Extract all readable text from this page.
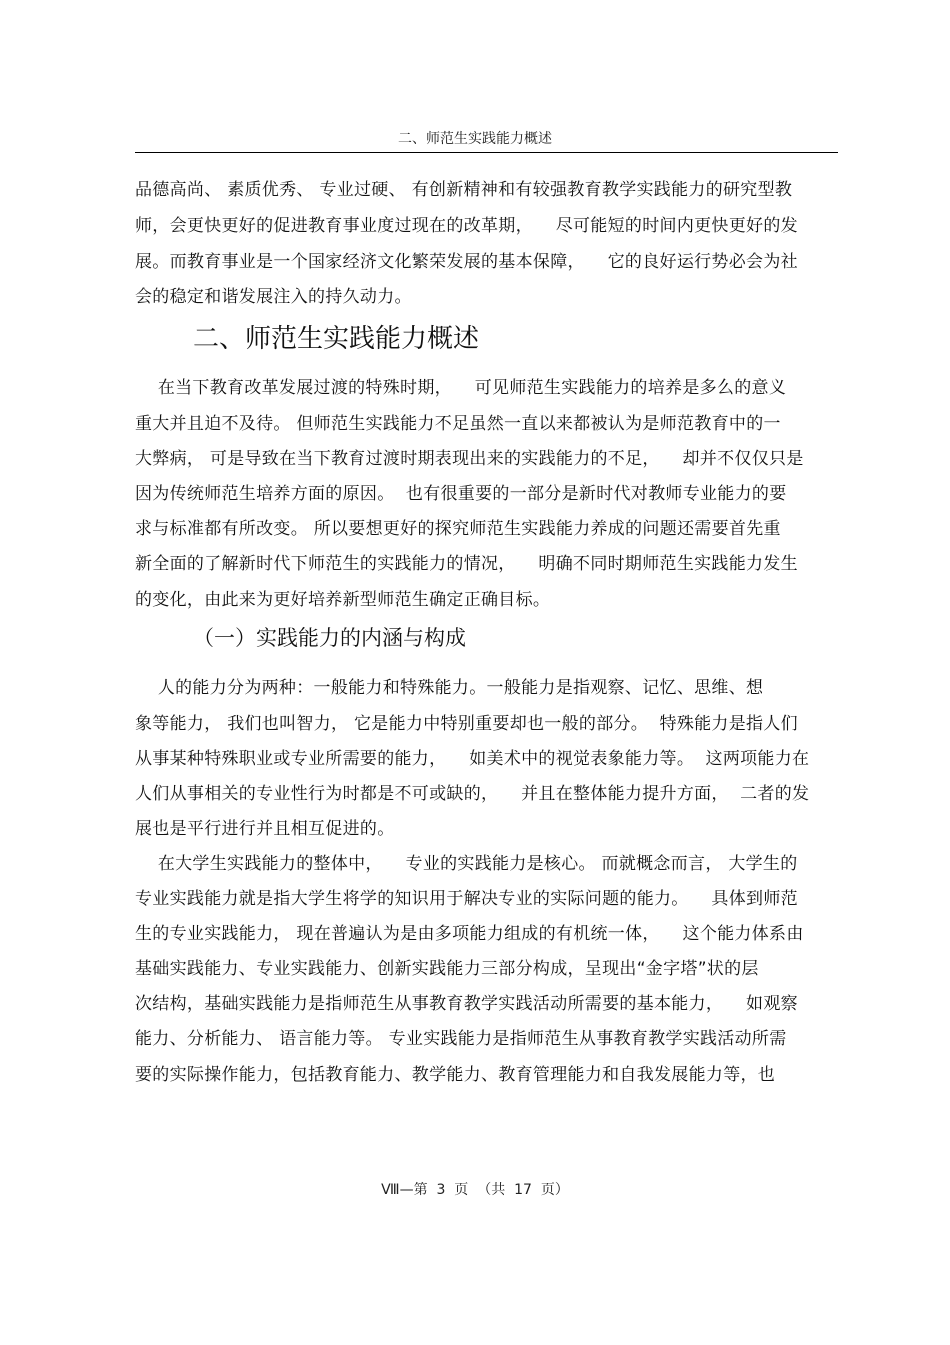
二、师范生实践能力概述
品德高尚、 素质优秀、 专业过硬、 有创新精神和有较强教育教学实践能力的研究型教
师，会更快更好的促进教育事业度过现在的改革期，    尽可能短的时间内更快更好的发
展。而教育事业是一个国家经济文化繁荣发展的基本保障，    它的良好运行势必会为社
会的稳定和谐发展注入的持久动力。
二、师范生实践能力概述
在当下教育改革发展过渡的特殊时期，    可见师范生实践能力的培养是多么的意义
重大并且迫不及待。 但师范生实践能力不足虽然一直以来都被认为是师范教育中的一
大弊病， 可是导致在当下教育过渡时期表现出来的实践能力的不足，    却并不仅仅只是
因为传统师范生培养方面的原因。  也有很重要的一部分是新时代对教师专业能力的要
求与标准都有所改变。 所以要想更好的探究师范生实践能力养成的问题还需要首先重
新全面的了解新时代下师范生的实践能力的情况，    明确不同时期师范生实践能力发生
的变化，由此来为更好培养新型师范生确定正确目标。
（一）实践能力的内涵与构成
人的能力分为两种：一般能力和特殊能力。一般能力是指观察、记忆、思维、想
象等能力， 我们也叫智力， 它是能力中特别重要却也一般的部分。  特殊能力是指人们
从事某种特殊职业或专业所需要的能力，    如美术中的视觉表象能力等。  这两项能力在
人们从事相关的专业性行为时都是不可或缺的，    并且在整体能力提升方面，  二者的发
展也是平行进行并且相互促进的。
在大学生实践能力的整体中，    专业的实践能力是核心。 而就概念而言， 大学生的
专业实践能力就是指大学生将学的知识用于解决专业的实际问题的能力。    具体到师范
生的专业实践能力， 现在普遍认为是由多项能力组成的有机统一体，    这个能力体系由
基础实践能力、专业实践能力、创新实践能力三部分构成，呈现出“金字塔”状的层
次结构，基础实践能力是指师范生从事教育教学实践活动所需要的基本能力，    如观察
能力、分析能力、 语言能力等。 专业实践能力是指师范生从事教育教学实践活动所需
要的实际操作能力，包括教育能力、教学能力、教育管理能力和自我发展能力等，也
Ⅷ—第  3  页  （共  17  页）
